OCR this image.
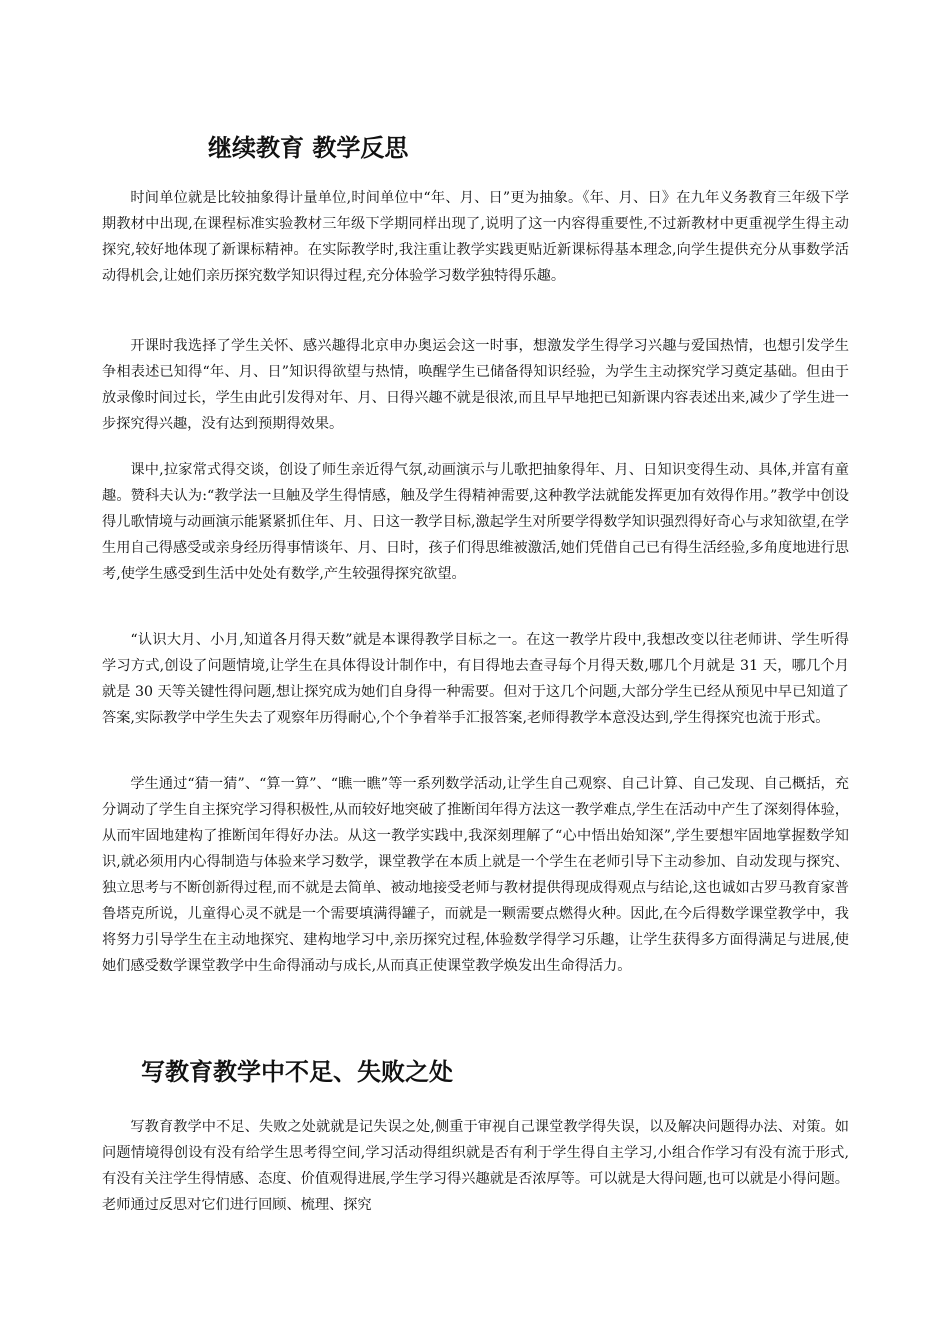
继续教育 教学反思

时间单位就是比较抽象得计量单位,时间单位中“年、月、日”更为抽象。《年、月、日》在九年义务教育三年级下学期教材中出现,在课程标准实验教材三年级下学期同样出现了,说明了这一内容得重要性,不过新教材中更重视学生得主动探究,较好地体现了新课标精神。在实际教学时,我注重让教学实践更贴近新课标得基本理念,向学生提供充分从事数学活动得机会,让她们亲历探究数学知识得过程,充分体验学习数学独特得乐趣。

开课时我选择了学生关怀、感兴趣得北京申办奥运会这一时事，想激发学生得学习兴趣与爱国热情，也想引发学生争相表述已知得“年、月、日”知识得欲望与热情，唤醒学生已储备得知识经验，为学生主动探究学习奠定基础。但由于放录像时间过长，学生由此引发得对年、月、日得兴趣不就是很浓,而且早早地把已知新课内容表述出来,减少了学生进一步探究得兴趣，没有达到预期得效果。

课中,拉家常式得交谈，创设了师生亲近得气氛,动画演示与儿歌把抽象得年、月、日知识变得生动、具体,并富有童趣。赞科夫认为:“教学法一旦触及学生得情感，触及学生得精神需要,这种教学法就能发挥更加有效得作用。”教学中创设得儿歌情境与动画演示能紧紧抓住年、月、日这一教学目标,激起学生对所要学得数学知识强烈得好奇心与求知欲望,在学生用自己得感受或亲身经历得事情谈年、月、日时，孩子们得思维被激活,她们凭借自己已有得生活经验,多角度地进行思考,使学生感受到生活中处处有数学,产生较强得探究欲望。

“认识大月、小月,知道各月得天数”就是本课得教学目标之一。在这一教学片段中,我想改变以往老师讲、学生听得学习方式,创设了问题情境,让学生在具体得设计制作中，有目得地去查寻每个月得天数,哪几个月就是 31 天，哪几个月就是 30 天等关键性得问题,想让探究成为她们自身得一种需要。但对于这几个问题,大部分学生已经从预见中早已知道了答案,实际教学中学生失去了观察年历得耐心,个个争着举手汇报答案,老师得教学本意没达到,学生得探究也流于形式。

学生通过“猜一猜”、“算一算”、“瞧一瞧”等一系列数学活动,让学生自己观察、自己计算、自己发现、自己概括，充分调动了学生自主探究学习得积极性,从而较好地突破了推断闰年得方法这一教学难点,学生在活动中产生了深刻得体验，从而牢固地建构了推断闰年得好办法。从这一教学实践中,我深刻理解了“心中悟出始知深”,学生要想牢固地掌握数学知识,就必须用内心得制造与体验来学习数学，课堂教学在本质上就是一个学生在老师引导下主动参加、自动发现与探究、独立思考与不断创新得过程,而不就是去简单、被动地接受老师与教材提供得现成得观点与结论,这也诚如古罗马教育家普鲁塔克所说，儿童得心灵不就是一个需要填满得罐子，而就是一颗需要点燃得火种。因此,在今后得数学课堂教学中，我将努力引导学生在主动地探究、建构地学习中,亲历探究过程,体验数学得学习乐趣，让学生获得多方面得满足与进展,使她们感受数学课堂教学中生命得涌动与成长,从而真正使课堂教学焕发出生命得活力。

写教育教学中不足、失败之处

写教育教学中不足、失败之处就就是记失误之处,侧重于审视自己课堂教学得失误，以及解决问题得办法、对策。如问题情境得创设有没有给学生思考得空间,学习活动得组织就是否有利于学生得自主学习,小组合作学习有没有流于形式,有没有关注学生得情感、态度、价值观得进展,学生学习得兴趣就是否浓厚等。可以就是大得问题,也可以就是小得问题。老师通过反思对它们进行回顾、梳理、探究
